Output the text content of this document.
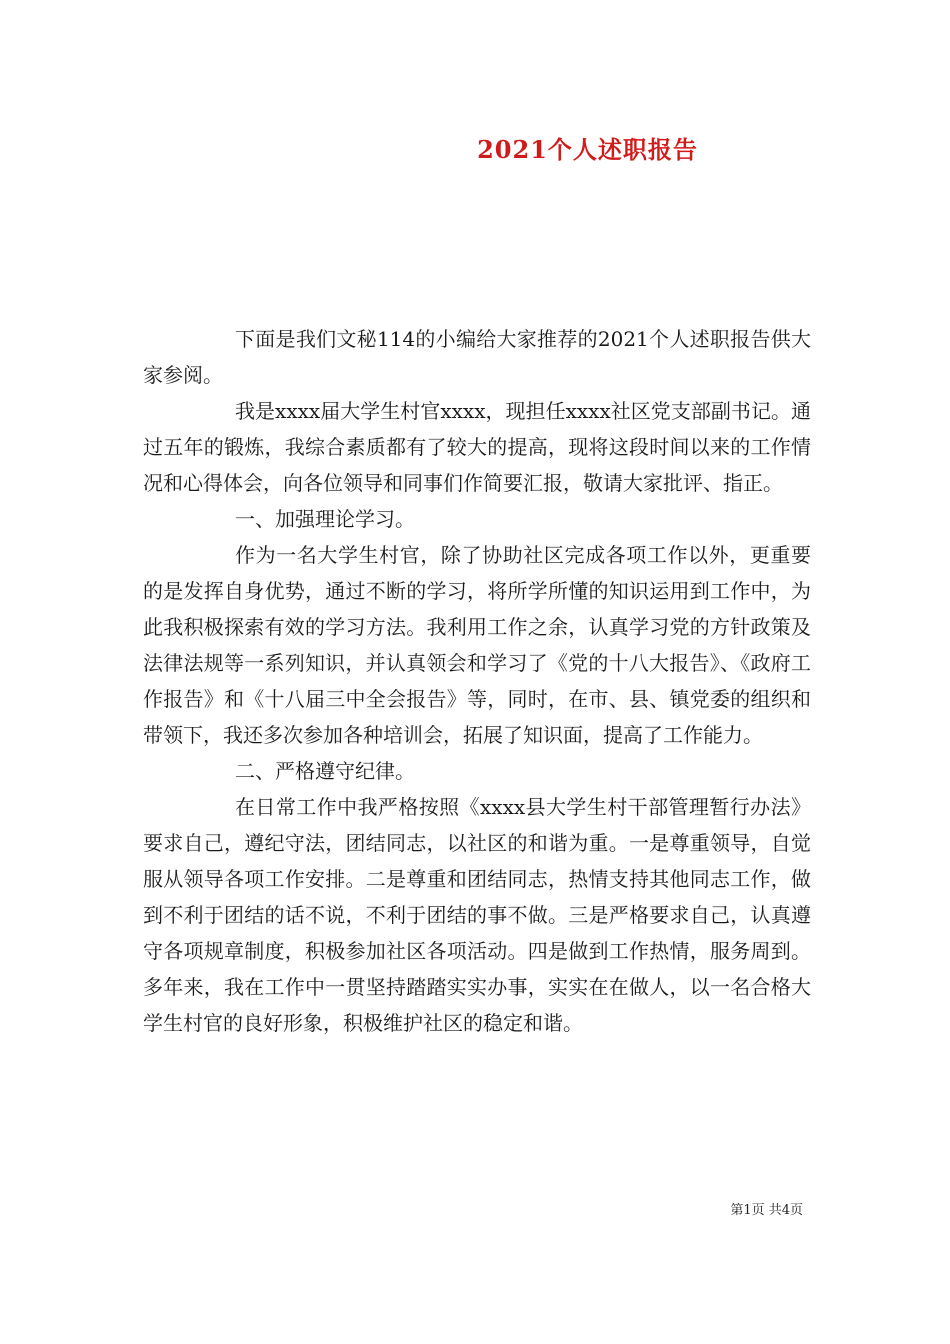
2021个人述职报告

下面是我们文秘114的小编给大家推荐的2021个人述职报告供大家参阅。

我是xxxx届大学生村官xxxx，现担任xxxx社区党支部副书记。通过五年的锻炼，我综合素质都有了较大的提高，现将这段时间以来的工作情况和心得体会，向各位领导和同事们作简要汇报，敬请大家批评、指正。

一、加强理论学习。

作为一名大学生村官，除了协助社区完成各项工作以外，更重要的是发挥自身优势，通过不断的学习，将所学所懂的知识运用到工作中，为此我积极探索有效的学习方法。我利用工作之余，认真学习党的方针政策及法律法规等一系列知识，并认真领会和学习了《党的十八大报告》、《政府工作报告》和《十八届三中全会报告》等，同时，在市、县、镇党委的组织和带领下，我还多次参加各种培训会，拓展了知识面，提高了工作能力。

二、严格遵守纪律。

在日常工作中我严格按照《xxxx县大学生村干部管理暂行办法》要求自己，遵纪守法，团结同志，以社区的和谐为重。一是尊重领导，自觉服从领导各项工作安排。二是尊重和团结同志，热情支持其他同志工作，做到不利于团结的话不说，不利于团结的事不做。三是严格要求自己，认真遵守各项规章制度，积极参加社区各项活动。四是做到工作热情，服务周到。多年来，我在工作中一贯坚持踏踏实实办事，实实在在做人，以一名合格大学生村官的良好形象，积极维护社区的稳定和谐。

第1页 共4页
